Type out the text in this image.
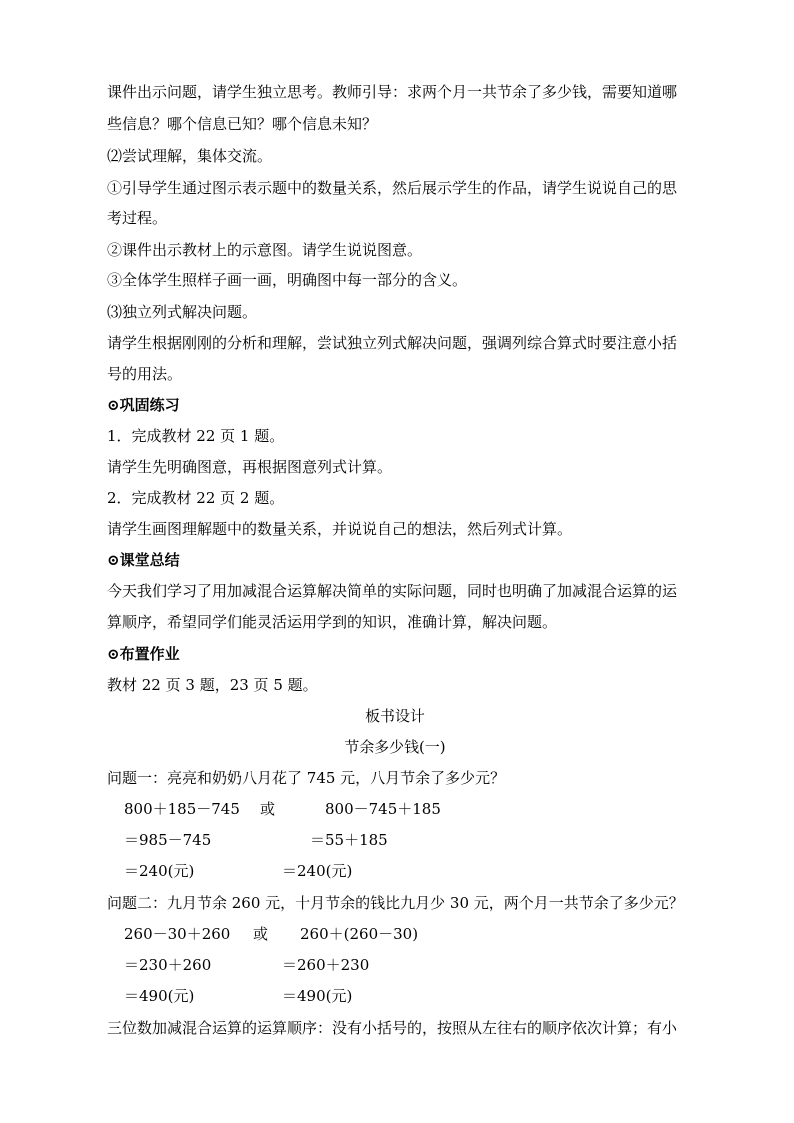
课件出示问题，请学生独立思考。教师引导：求两个月一共节余了多少钱，需要知道哪
些信息？哪个信息已知？哪个信息未知？
⑵尝试理解，集体交流。
①引导学生通过图示表示题中的数量关系，然后展示学生的作品，请学生说说自己的思
考过程。
②课件出示教材上的示意图。请学生说说图意。
③全体学生照样子画一画，明确图中每一部分的含义。
⑶独立列式解决问题。
请学生根据刚刚的分析和理解，尝试独立列式解决问题，强调列综合算式时要注意小括
号的用法。
⊙巩固练习
1．完成教材 22 页 1 题。
请学生先明确图意，再根据图意列式计算。
2．完成教材 22 页 2 题。
请学生画图理解题中的数量关系，并说说自己的想法，然后列式计算。
⊙课堂总结
今天我们学习了用加减混合运算解决简单的实际问题，同时也明确了加减混合运算的运
算顺序，希望同学们能灵活运用学到的知识，准确计算，解决问题。
⊙布置作业
教材 22 页 3 题，23 页 5 题。
板书设计
节余多少钱(一)
问题一：亮亮和奶奶八月花了 745 元，八月节余了多少元？
800＋185－745 或	800－745＋185
＝985－745	＝55＋185
＝240(元)	＝240(元)
问题二：九月节余 260 元，十月节余的钱比九月少 30 元，两个月一共节余了多少元？
260－30＋260 或 260＋(260－30)
＝230＋260	＝260＋230
＝490(元)	＝490(元)
三位数加减混合运算的运算顺序：没有小括号的，按照从左往右的顺序依次计算；有小
